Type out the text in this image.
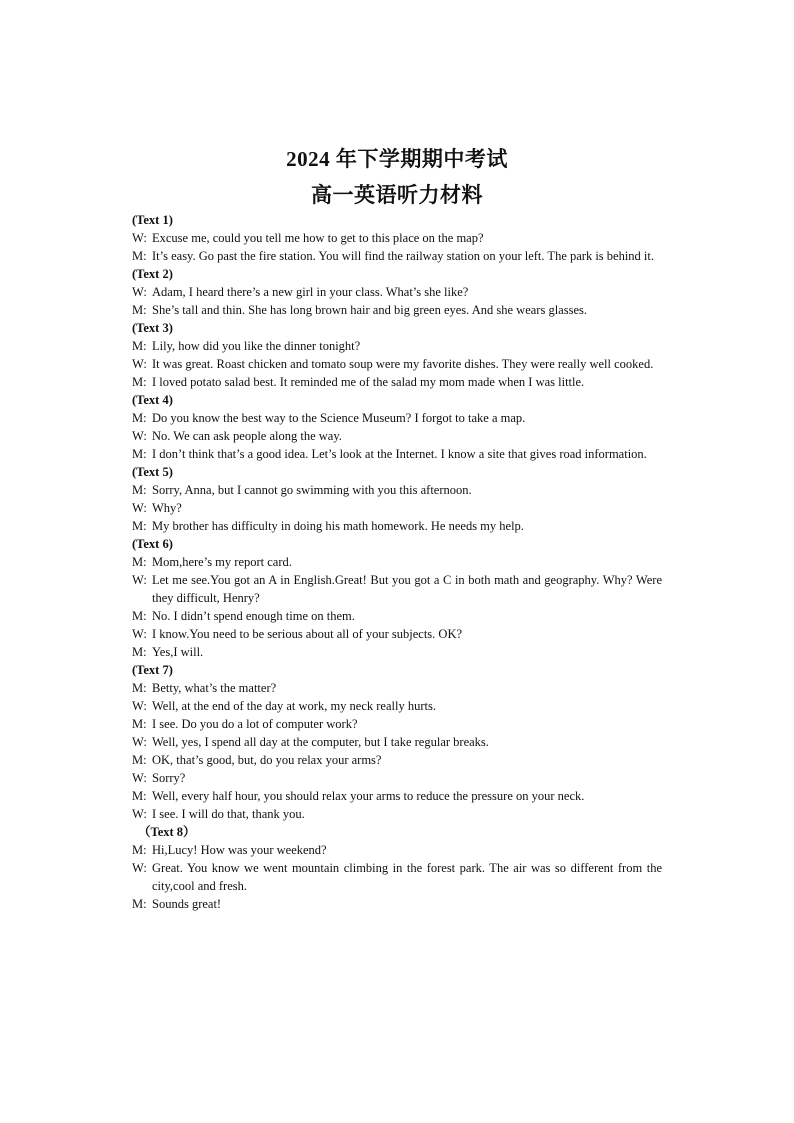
2024 年下学期期中考试
高一英语听力材料
(Text 1)
W: Excuse me, could you tell me how to get to this place on the map?
M: It’s easy. Go past the fire station. You will find the railway station on your left. The park is behind it.
(Text 2)
W: Adam, I heard there’s a new girl in your class. What’s she like?
M: She’s tall and thin. She has long brown hair and big green eyes. And she wears glasses.
(Text 3)
M: Lily, how did you like the dinner tonight?
W: It was great. Roast chicken and tomato soup were my favorite dishes. They were really well cooked.
M: I loved potato salad best. It reminded me of the salad my mom made when I was little.
(Text 4)
M: Do you know the best way to the Science Museum? I forgot to take a map.
W: No. We can ask people along the way.
M: I don’t think that’s a good idea. Let’s look at the Internet. I know a site that gives road information.
(Text 5)
M: Sorry, Anna, but I cannot go swimming with you this afternoon.
W: Why?
M: My brother has difficulty in doing his math homework. He needs my help.
(Text 6)
M: Mom,here’s my report card.
W: Let me see.You got an A in English.Great! But you got a C in both math and geography. Why? Were they difficult, Henry?
M: No. I didn’t spend enough time on them.
W: I know.You need to be serious about all of your subjects. OK?
M: Yes,I will.
(Text 7)
M: Betty, what’s the matter?
W: Well, at the end of the day at work, my neck really hurts.
M: I see. Do you do a lot of computer work?
W: Well, yes, I spend all day at the computer, but I take regular breaks.
M: OK, that’s good, but, do you relax your arms?
W: Sorry?
M: Well, every half hour, you should relax your arms to reduce the pressure on your neck.
W: I see. I will do that, thank you.
（Text 8）
M: Hi,Lucy! How was your weekend?
W: Great. You know we went mountain climbing in the forest park. The air was so different from the city,cool and fresh.
M: Sounds great!
